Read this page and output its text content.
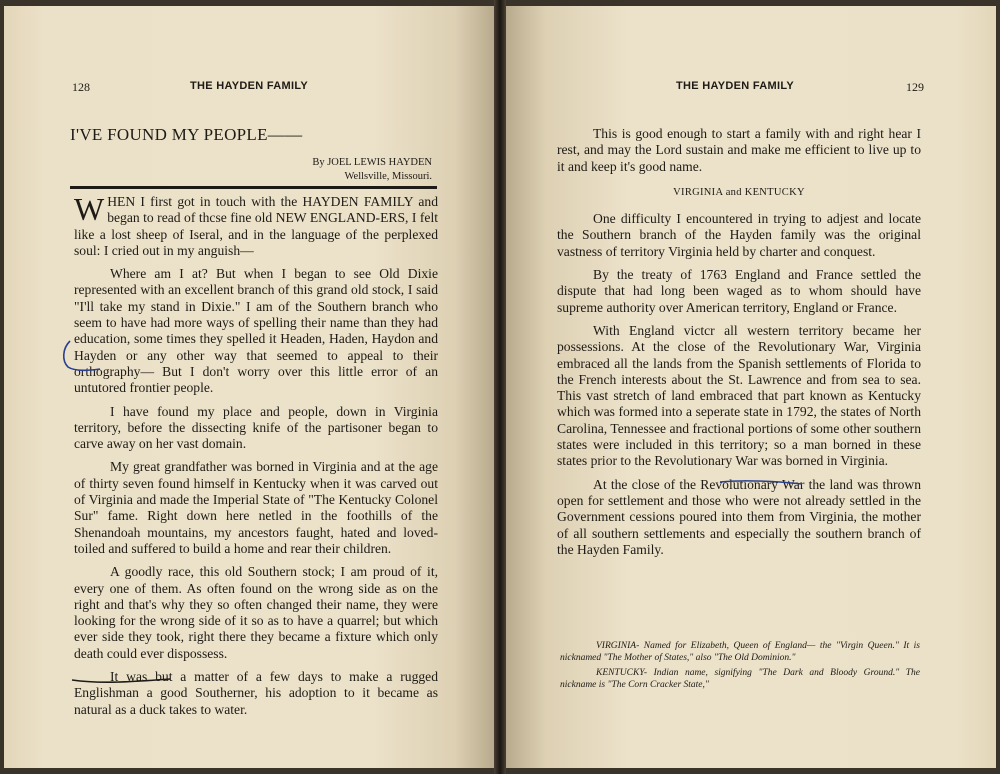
128	THE HAYDEN FAMILY
I'VE FOUND MY PEOPLE——
By JOEL LEWIS HAYDEN
Wellsville, Missouri.

WHEN I first got in touch with the HAYDEN FAMILY and began to read of thcse fine old NEW ENGLAND-ERS, I felt like a lost sheep of Iseral, and in the language of the perplexed soul: I cried out in my anguish—

Where am I at? But when I began to see Old Dixie represented with an excellent branch of this grand old stock, I said "I'll take my stand in Dixie." I am of the Southern branch who seem to have had more ways of spelling their name than they had education, some times they spelled it Headen, Haden, Haydon and Hayden or any other way that seemed to appeal to their orthography— But I don't worry over this little error of an untutored frontier people.

I have found my place and people, down in Virginia territory, before the dissecting knife of the partisoner began to carve away on her vast domain.

My great grandfather was borned in Virginia and at the age of thirty seven found himself in Kentucky when it was carved out of Virginia and made the Imperial State of "The Kentucky Colonel Sur" fame. Right down here netled in the foothills of the Shenandoah mountains, my ancestors faught, hated and loved- toiled and suffered to build a home and rear their children.

A goodly race, this old Southern stock; I am proud of it, every one of them. As often found on the wrong side as on the right and that's why they so often changed their name, they were looking for the wrong side of it so as to have a quarrel; but which ever side they took, right there they became a fixture which only death could ever dispossess.

It was but a matter of a few days to make a rugged Englishman a good Southerner, his adoption to it became as natural as a duck takes to water.

THE HAYDEN FAMILY	129

This is good enough to start a family with and right hear I rest, and may the Lord sustain and make me efficient to live up to it and keep it's good name.

VIRGINIA and KENTUCKY

One difficulty I encountered in trying to adjest and locate the Southern branch of the Hayden family was the original vastness of territory Virginia held by charter and conquest.

By the treaty of 1763 England and France settled the dispute that had long been waged as to whom should have supreme authority over American territory, England or France.

With England victcr all western territory became her possessions. At the close of the Revolutionary War, Virginia embraced all the lands from the Spanish settlements of Florida to the French interests about the St. Lawrence and from sea to sea. This vast stretch of land embraced that part known as Kentucky which was formed into a seperate state in 1792, the states of North Carolina, Tennessee and fractional portions of some other southern states were included in this territory; so a man borned in these states prior to the Revolutionary War was borned in Virginia.

At the close of the Revolutionary War the land was thrown open for settlement and those who were not already settled in the Government cessions poured into them from Virginia, the mother of all southern settlements and especially the southern branch of the Hayden Family.

VIRGINIA- Named for Elizabeth, Queen of England— the "Virgin Queen." It is nicknamed "The Mother of States," also "The Old Dominion."

KENTUCKY- Indian name, signifying "The Dark and Bloody Ground." The nickname is "The Corn Cracker State,"
